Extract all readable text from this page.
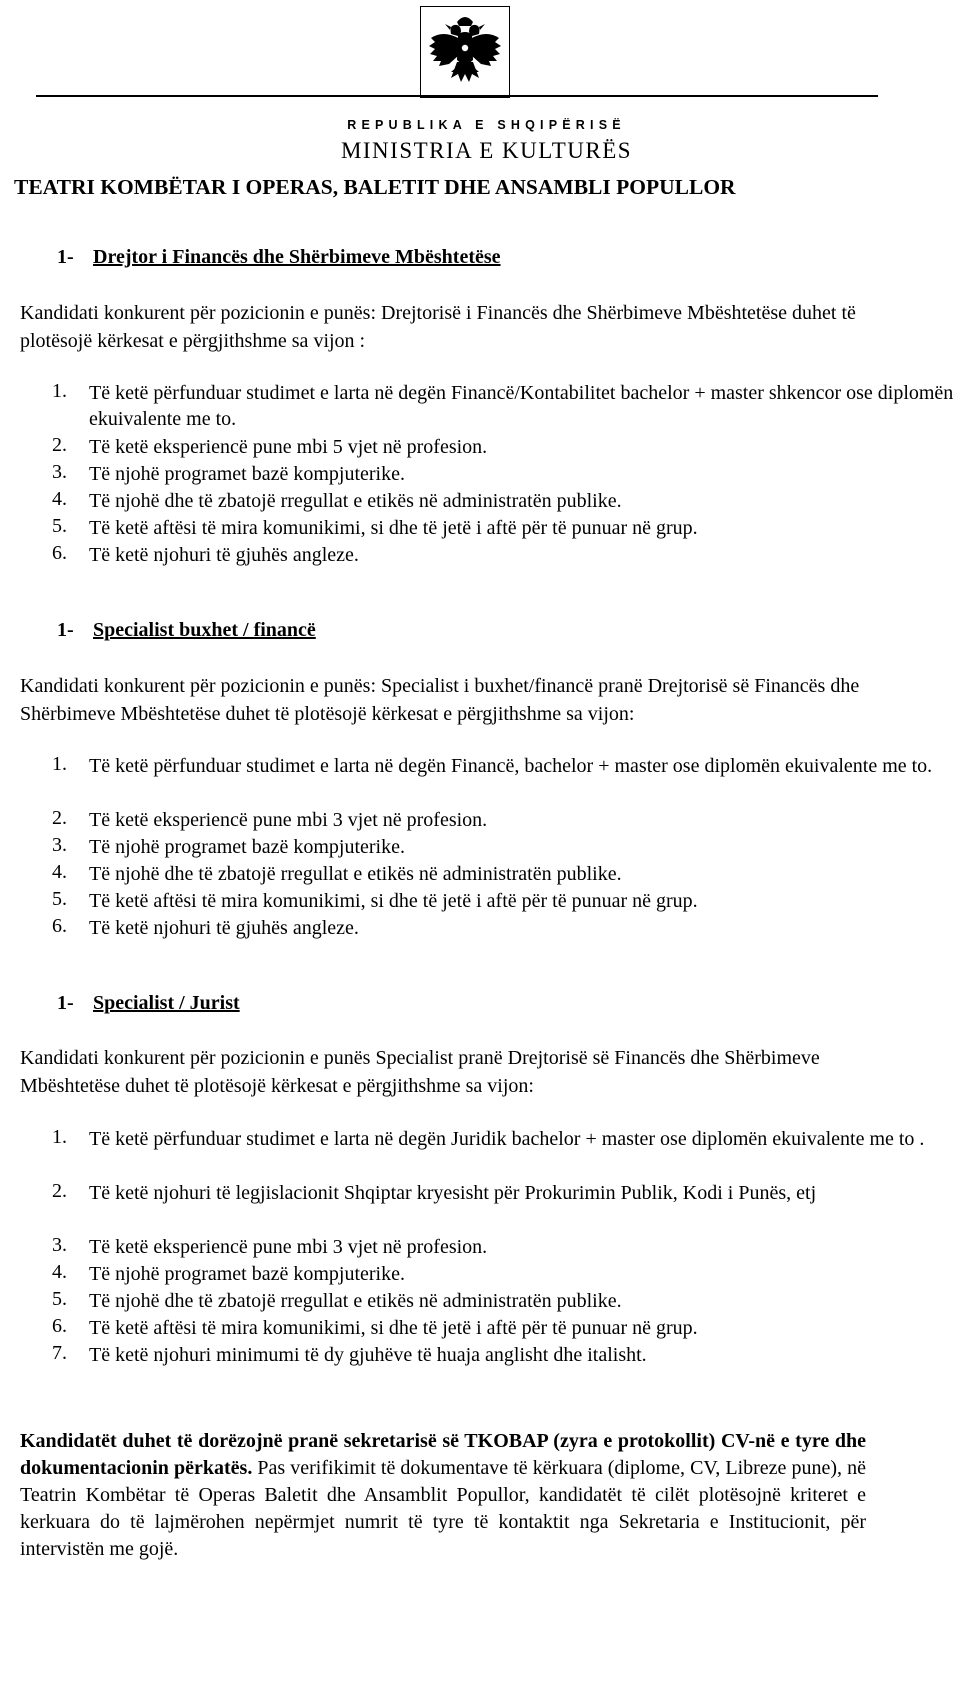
REPUBLIKA E SHQIPËRISË
MINISTRIA E KULTURËS
TEATRI KOMBËTAR I OPERAS, BALETIT DHE ANSAMBLI POPULLOR
1- Drejtor i Financës dhe Shërbimeve Mbështetëse
Kandidati konkurent për pozicionin e punës: Drejtorisë i Financës dhe Shërbimeve Mbështetëse duhet të plotësojë kërkesat e përgjithshme sa vijon :
1. Të ketë përfunduar studimet e larta në degën Financë/Kontabilitet bachelor + master shkencor ose diplomën ekuivalente me to.
2. Të ketë eksperiencë pune mbi 5 vjet në profesion.
3. Të njohë programet bazë kompjuterike.
4. Të njohë dhe të zbatojë rregullat e etikës në administratën publike.
5. Të ketë aftësi të mira komunikimi, si dhe të jetë i aftë për të punuar në grup.
6. Të ketë njohuri të gjuhës angleze.
1- Specialist buxhet / financë
Kandidati konkurent për pozicionin e punës: Specialist i buxhet/financë pranë Drejtorisë së Financës dhe Shërbimeve Mbështetëse duhet të plotësojë kërkesat e përgjithshme sa vijon:
1. Të ketë përfunduar studimet e larta në degën Financë, bachelor + master ose diplomën ekuivalente me to.
2. Të ketë eksperiencë pune mbi 3 vjet në profesion.
3. Të njohë programet bazë kompjuterike.
4. Të njohë dhe të zbatojë rregullat e etikës në administratën publike.
5. Të ketë aftësi të mira komunikimi, si dhe të jetë i aftë për të punuar në grup.
6. Të ketë njohuri të gjuhës angleze.
1- Specialist / Jurist
Kandidati konkurent për pozicionin e punës Specialist pranë Drejtorisë së Financës dhe Shërbimeve Mbështetëse duhet të plotësojë kërkesat e përgjithshme sa vijon:
1. Të ketë përfunduar studimet e larta në degën Juridik bachelor + master ose diplomën ekuivalente me to .
2. Të ketë njohuri të legjislacionit Shqiptar kryesisht për Prokurimin Publik, Kodi i Punës, etj
3. Të ketë eksperiencë pune mbi 3 vjet në profesion.
4. Të njohë programet bazë kompjuterike.
5. Të njohë dhe të zbatojë rregullat e etikës në administratën publike.
6. Të ketë aftësi të mira komunikimi, si dhe të jetë i aftë për të punuar në grup.
7. Të ketë njohuri minimumi të dy gjuhëve të huaja anglisht dhe italisht.
Kandidatët duhet të dorëzojnë pranë sekretarisë së TKOBAP (zyra e protokollit) CV-në e tyre dhe dokumentacionin përkatës. Pas verifikimit të dokumentave të kërkuara (diplome, CV, Libreze pune), në Teatrin Kombëtar të Operas Baletit dhe Ansamblit Popullor, kandidatët të cilët plotësojnë kriteret e kerkuara do të lajmërohen nepërmjet numrit të tyre të kontaktit nga Sekretaria e Institucionit, për intervistën me gojë.
